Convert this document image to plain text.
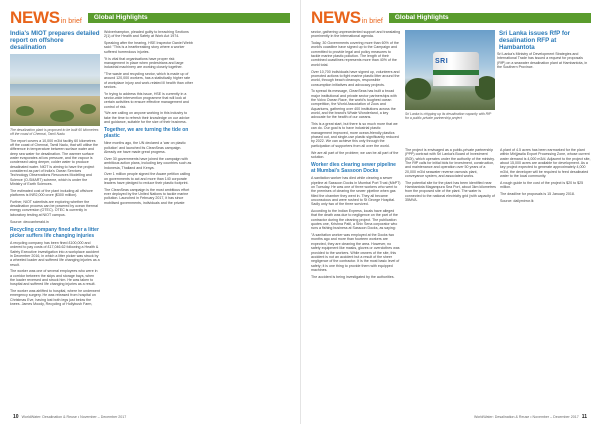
NEWS in brief
Global Highlights
India's MIOT prepares detailed report on offshore desalination
The desalination plant is proposed to be built 60 kilometres off the coast of Chennai, Tamil Nadu

The report covers a 10,000 m3/d facility 60 kilometres off the coast of Chennai, Tamil Nadu, that will utilise the difference in temperature between surface water and deep sea water for desalination. The warmer surface water evaporates at low pressure, and the vapour is condensed using deeper, colder water to produce desalinated water. NIOT is aiming to have the project considered as part of India's Ocean Services Technology Observations Resources Modelling and Science (O-SMART) scheme, which is under the Ministry of Earth Sciences.

The estimated cost of the plant including all offshore platforms is INR2,000 crore ($300 million).

Further, NIOT scientists are exploring whether the desalination process can be powered by ocean thermal energy conversion (OTEC). OTEC is currently in laboratory testing at NIOT campus.

Source: deccanherald.in

Recycling company fined after a litter picker suffers life changing injuries

A recycling company has been fined £100,000 and ordered to pay costs of £17,046.62 following a Health & Safety Executive investigation into a workplace accident in December 2016, in which a litter picker was struck by a wheeled loader and suffered life changing injuries as a result.

The worker was one of several employees who were in a corridor between the skips and storage bays, when the loader reversed and struck him. He was taken to hospital and suffered life changing injuries as a result.

The worker was airlifted to hospital, where he underwent emergency surgery. He was released from hospital on Christmas Eve, having lost both legs just below the knees. James Moody, Recycling of Hollybush Farm,

Wolverhampton, pleaded guilty to breaching Sections 2(1) of the Health and Safety at Work Act 1974.

Speaking after the hearing, HSE Inspector Daniel Webb said: "This is a heartbreaking story where a worker suffered horrendous injuries.

"It is vital that organisations have proper risk management in place when pedestrians and large industrial machinery are working closely together.

"The waste and recycling sector, which is made up of around 120,000 workers, has a statistically higher rate of workplace injury and work-related ill health than other sectors.

"In trying to address this issue, HSE is currently in a sector-wide intervention programme that will look at certain activities to ensure effective management and control of risk.

"We are calling on anyone working in this industry to take the time to refresh their knowledge on our advice and guidance, suitable for the size of their business.

Together, we are turning the tide on plastic

Nine months ago, the UN declared a 'war on plastic pollution' and launched its CleanSeas campaign. Already we have made great progress.

Over 30 governments have joined the campaign with ambitious action plans, including key countries such as Indonesia, Thailand and Kenya.

Over 1 million people signed the Aware petition calling on governments to act and more than 140 corporate leaders have pledged to reduce their plastic footprint.

The CleanSeas campaign is the most ambitious effort ever deployed by the United Nations to tackle marine pollution. Launched in February 2017, it has since mobilised governments, individuals and the private

10 WorldWater: Desalination & Reuse • November – December 2017
NEWS in brief
Global Highlights

sector, gathering unprecedented support and translating prominently in the international agenda.

Today, 30 Governments covering more than 60% of the world's coastline have signed up to the Campaign and committed to provide legal and policy measures to tackle marine plastic pollution. The length of their combined coastlines represents more than 40% of the world total.

Over 10,700 individuals have signed up, volunteers and promoted actions to fight marine plastic litter around the world, through beach cleanups, responsible consumption initiatives and advocacy projects.

To spread its message, CleanSeas has built a broad major institutional and private sector partnerships with the Volvo Ocean Race, the world's toughest ocean competition, the World Association of Zoos and Aquariums, gathering over 400 institutions across the world, and the brand's Whale Wonderland, a key advocate for the health of our oceans.

This is a great start, but there is so much more that we can do. Our goal is to have industrial plastic management improved, more ocean-friendly plastics phased out, and single-use plastic significantly reduced by 2022. We can achieve this only through the participation of supporters from all over the world.

We are all part of the problem; we can be all part of the solution.

Worker dies clearing sewer pipeline at Mumbai's Sassoon Docks

A sanitation worker has died while clearing a sewer pipeline at Sassoon Docks in Mumbai Port Trust (MbPT) on Tuesday. He was one of three workers who went to the premises of clearing the sewer pipeline when gas filled the chamber they went in. They all became unconscious and were rushed to St George Hospital. Sadly only two of the three survived.

According to the Indian Express, locals have alleged that the death was due to negligence on the part of the contractor during the cleaning project. The publication quotes one, Krishna Patil, a Shiv Sena corporator who runs a fishing business at Sassoon Docks, as saying:

"A sanitation worker was employed at the Docks two months ago and more than fourteen workers are expected, they are cleaning the area. However, no safety equipment like masks, gloves or overclothes was provided to the workers. While owners of the site, this accident is not an accident but a result of the sheer negligence of the contractor. It is the most basic level of safety; it is one thing to provide them with equipped machines.

The accident is being investigated by the authorities.

SRI
Sri Lanka issues RfP for desalination RFP at Hambantota
Sri Lanka is chipping up its desalination capacity with RfP for a public-private partnership project

Sri Lanka's Ministry of Development Strategies and International Trade has issued a request for proposals (RfP) on a seawater desalination plant at Hambantota, in the Southern Province.

The project is envisaged as a public-private partnership (PPP) contract with Sri Lanka's Board of Investment (BOI), which operates under the authority of the ministry. The RfP calls for initial bids for investment, construction, and maintenance and operation over 50 years of a 20,000 m3/d seawater reverse osmosis plant, conveyance system, and associated works.

The potential site for the plant has been identified near Hambantota Magampura Sea Port, about 3km kilometres from the proposed site of the plant. The water is connected to the national electricity grid (with capacity of 35MVA.

A plant of 4.5 acres has been earmarked for the plant within Mirijjawila Export Processing Zone, whose current water demand is 4,000 m3/d. Adjacent to the project site, about 15,000 acres are available for development. As a key project expected to generate approximately 4,000 m3/d, the developer will be required to feed desalinated water to the local community.

A rough guide to the cost of the project is $20 to $25 million.

The deadline for proposals is 15 January 2018.

Source: dailymirror.lk

WorldWater: Desalination & Reuse • November – December 2017 11
